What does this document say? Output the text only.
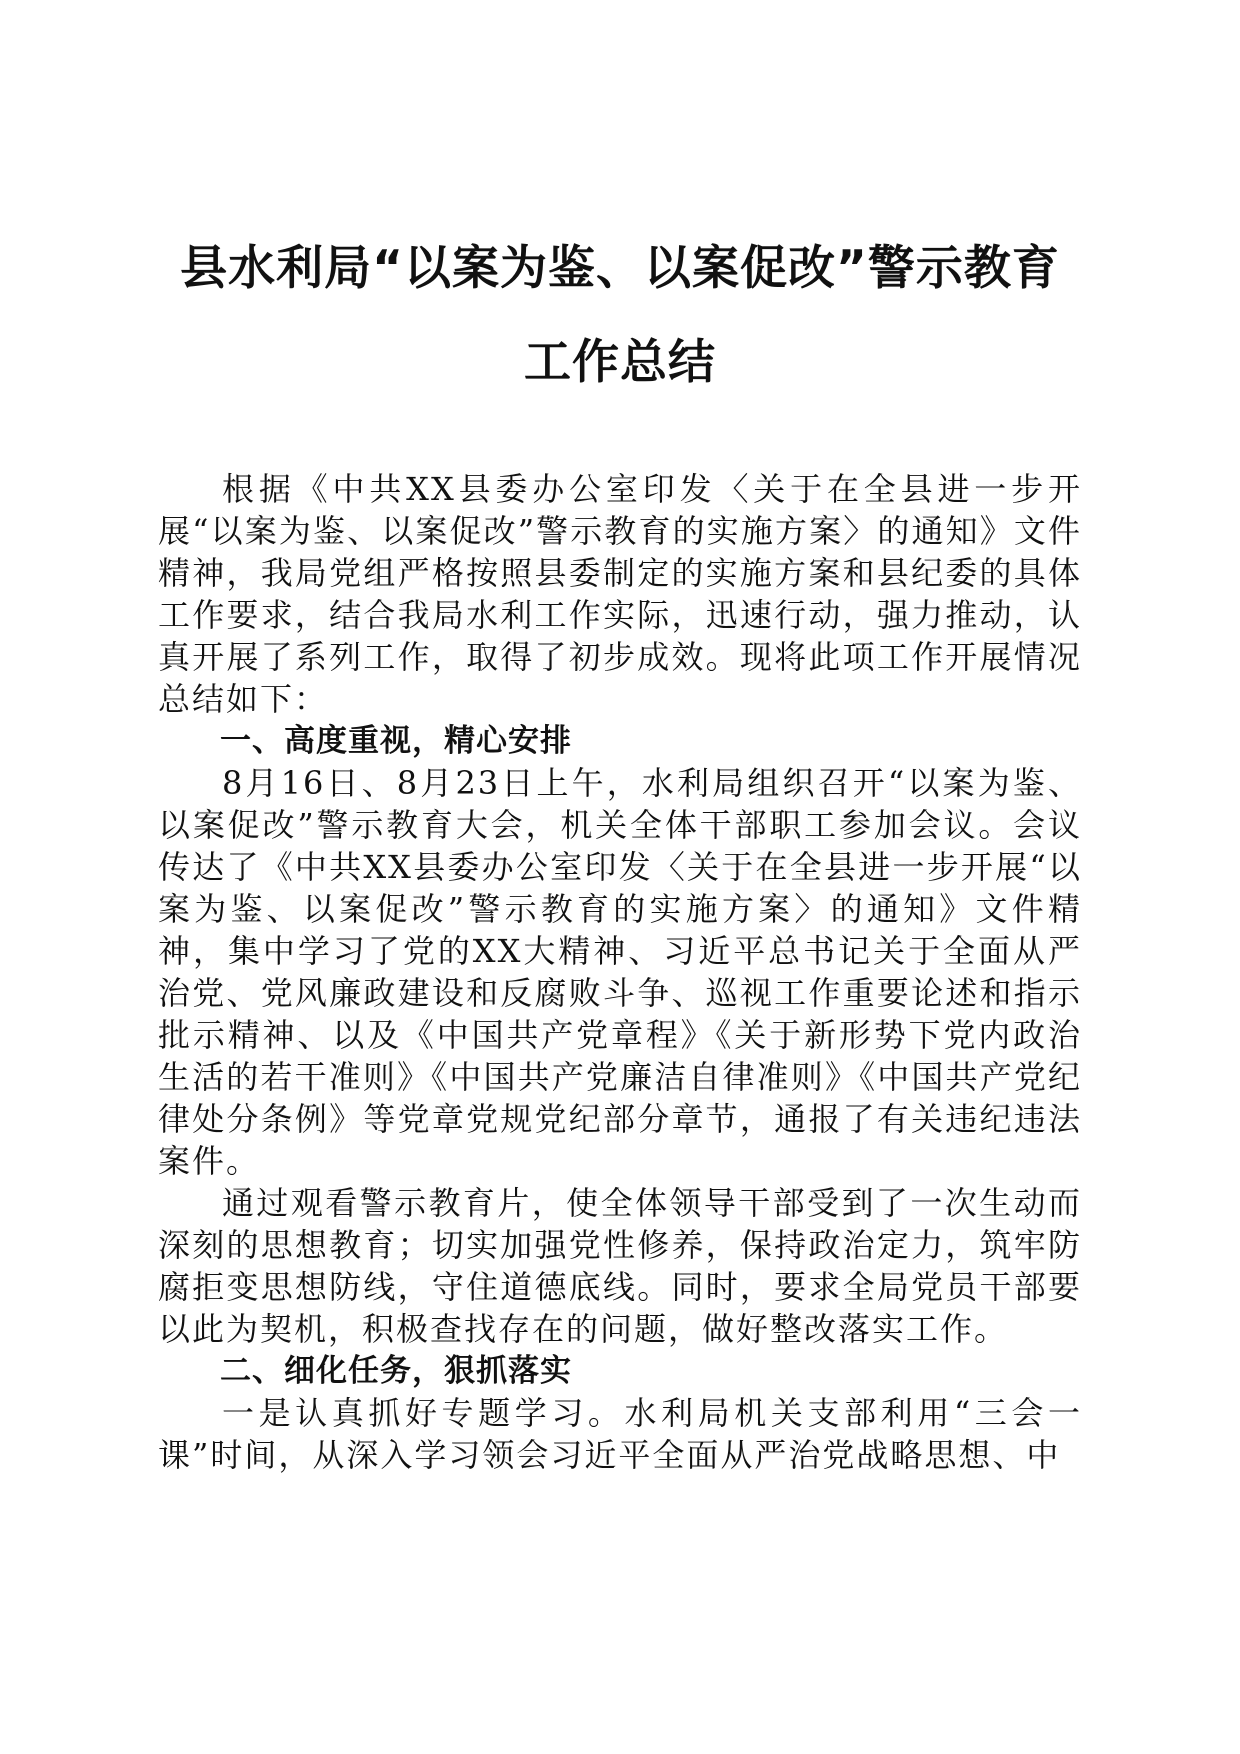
县水利局“以案为鉴、以案促改”警示教育工作总结

根据《中共XX县委办公室印发〈关于在全县进一步开展“以案为鉴、以案促改”警示教育的实施方案〉的通知》文件精神，我局党组严格按照县委制定的实施方案和县纪委的具体工作要求，结合我局水利工作实际，迅速行动，强力推动，认真开展了系列工作，取得了初步成效。现将此项工作开展情况总结如下：

一、高度重视，精心安排

8月16日、8月23日上午，水利局组织召开“以案为鉴、以案促改”警示教育大会，机关全体干部职工参加会议。会议传达了《中共XX县委办公室印发〈关于在全县进一步开展“以案为鉴、以案促改”警示教育的实施方案〉的通知》文件精神，集中学习了党的XX大精神、习近平总书记关于全面从严治党、党风廉政建设和反腐败斗争、巡视工作重要论述和指示批示精神、以及《中国共产党章程》《关于新形势下党内政治生活的若干准则》《中国共产党廉洁自律准则》《中国共产党纪律处分条例》等党章党规党纪部分章节，通报了有关违纪违法案件。

通过观看警示教育片，使全体领导干部受到了一次生动而深刻的思想教育；切实加强党性修养，保持政治定力，筑牢防腐拒变思想防线，守住道德底线。同时，要求全局党员干部要以此为契机，积极查找存在的问题，做好整改落实工作。

二、细化任务，狠抓落实

一是认真抓好专题学习。水利局机关支部利用“三会一课”时间，从深入学习领会习近平全面从严治党战略思想、中
